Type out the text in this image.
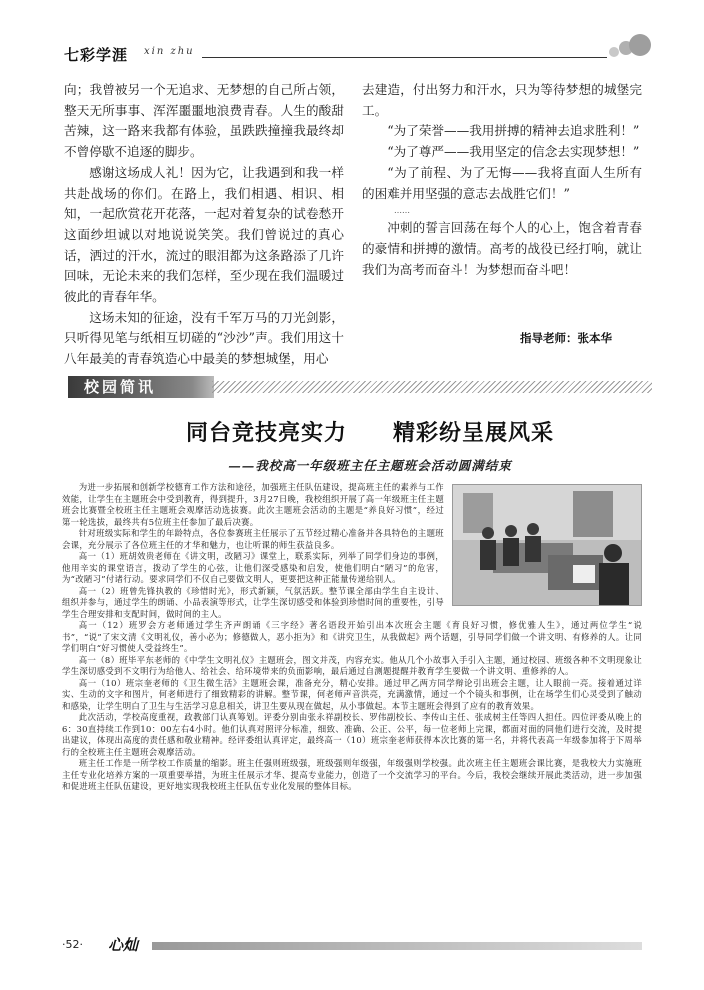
七彩学涯 xin zhu

向；我曾被另一个无追求、无梦想的自己所占领，整天无所事事、浑浑噩噩地浪费青春。人生的酸甜苦辣，这一路来我都有体验，虽跌跌撞撞我最终却不曾停歇不追逐的脚步。

感谢这场成人礼！因为它，让我遇到和我一样共赴战场的你们。在路上，我们相遇、相识、相知，一起欣赏花开花落，一起对着复杂的试卷愁开这面纱坦诚以对地说说笑笑。我们曾说过的真心话，洒过的汗水，流过的眼泪都为这条路添了几许回味，无论未来的我们怎样，至少现在我们温暖过彼此的青春年华。

这场未知的征途，没有千军万马的刀光剑影，只听得见笔与纸相互切磋的“沙沙”声。我们用这十八年最美的青春筑造心中最美的梦想城堡，用心

去建造，付出努力和汗水，只为等待梦想的城堡完工。

“为了荣誉——我用拼搏的精神去追求胜利！”

“为了尊严——我用坚定的信念去实现梦想！”

“为了前程、为了无悔——我将直面人生所有的困难并用坚强的意志去战胜它们！”

……

冲刺的誓言回荡在每个人的心上，饱含着青春的豪情和拼搏的激情。高考的战役已经打响，就让我们为高考而奋斗！为梦想而奋斗吧！

指导老师：张本华
校园简讯
同台竞技亮实力　　精彩纷呈展风采
——我校高一年级班主任主题班会活动圆满结束

为进一步拓展和创新学校德育工作方法和途径，加强班主任队伍建设，提高班主任的素养与工作效能，让学生在主题班会中受到教育，得到提升，3月27日晚，我校组织开展了高一年级班主任主题班会比赛暨全校班主任主题班会观摩活动选拔赛。此次主题班会活动的主题是“养良好习惯”，经过第一轮选拔，最终共有5位班主任参加了最后决赛。

针对班级实际和学生的年龄特点，各位参赛班主任展示了五节经过精心准备并各具特色的主题班会课，充分展示了各位班主任的才华和魅力，也让听课的师生获益良多。

高一（1）班胡效贵老师在《讲文明，改陋习》课堂上，联系实际，列举了同学们身边的事例，他用辛实的课堂语言，拨动了学生的心弦，让他们深受感染和启发，使他们明白“陋习”的危害，为“改陋习”付诸行动。要求同学们不仅自己要做文明人，更要把这种正能量传递给别人。

高一（2）班曾先锋执教的《珍惜时光》，形式新颖，气氛活跃。整节课全部由学生自主设计、组织并参与，通过学生的朗诵、小品表演等形式，让学生深切感受和体验到珍惜时间的重要性，引导学生合理安排和支配时间，做时间的主人。

高一（12）班罗会方老师通过学生齐声朗诵《三字经》著名语段开始引出本次班会主题《育良好习惯，修优雅人生》，通过两位学生“说书”，“说”了宋文清《文明礼仪，善小必为；修德做人，恶小拒为》和《讲究卫生，从我做起》两个话题，引导同学们做一个讲文明、有修养的人。让同学们明白“好习惯使人受益终生”。

高一（8）班毕平东老师的《中学生文明礼仪》主题班会，图文并茂，内容充实。他从几个小故事入手引入主题，通过校园、班级各种不文明现象让学生深切感受到不文明行为给他人、给社会、给环境带来的负面影响，最后通过自测题提醒并教育学生要做一个讲文明、重修养的人。

高一（10）班宗奎老师的《卫生微生活》主题班会课，准备充分，精心安排。通过甲乙两方同学辩论引出班会主题，让人眼前一亮。接着通过详实、生动的文字和图片，何老师进行了细致精彩的讲解。整节课，何老师声音洪亮，充满激情，通过一个个镜头和事例，让在场学生们心灵受到了触动和感染，让学生明白了卫生与生活学习息息相关，讲卫生要从现在做起，从小事做起。本节主题班会得到了应有的教育效果。

此次活动，学校高度重视，政教部门认真筹划。评委分别由张永祥副校长、罗伟副校长、李传山主任、张成树主任等四人担任。四位评委从晚上的6：30直持续工作到10：00左右4小时。他们认真对照评分标准，细致、准确、公正、公平，每一位老师上完课，都面对面的同他们进行交流，及时提出建议，体现出高度的责任感和敬业精神。经评委组认真评定，最终高一（10）班宗奎老师获得本次比赛的第一名，并将代表高一年级参加将于下周举行的全校班主任主题班会观摩活动。

班主任工作是一所学校工作质量的缩影。班主任强则班级强，班级强则年级强，年级强则学校强。此次班主任主题班会课比赛，是我校大力实施班主任专业化培养方案的一项重要举措，为班主任展示才华、提高专业能力，创造了一个交流学习的平台。今后，我校会继续开展此类活动，进一步加强和促进班主任队伍建设，更好地实现我校班主任队伍专业化发展的整体目标。

·52· 心灿
